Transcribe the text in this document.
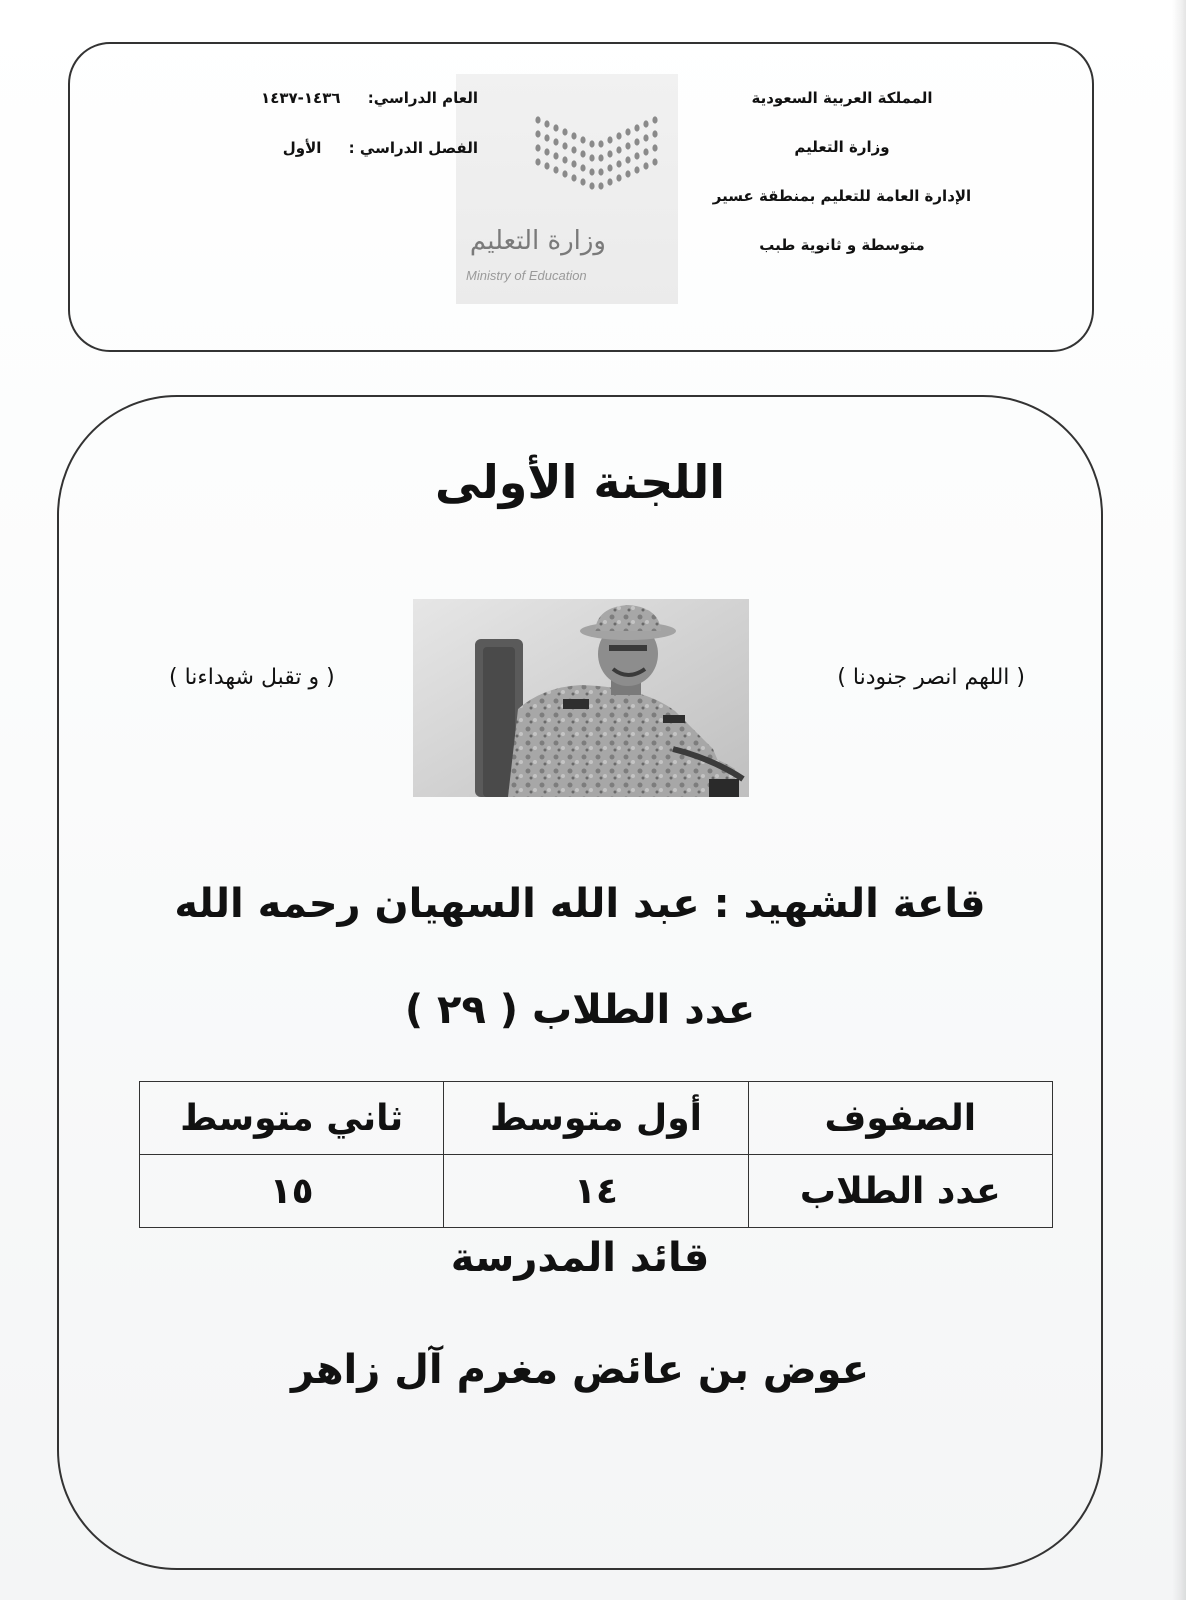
المملكة العربية السعودية
وزارة التعليم
الإدارة العامة للتعليم بمنطقة عسير
متوسطة و ثانوية طبب
وزارة التعليم
Ministry of Education
العام الدراسي: ١٤٣٦-١٤٣٧
الفصل الدراسي : الأول
اللجنة الأولى
( اللهم انصر جنودنا )
( و تقبل شهداءنا )
قاعة الشهيد : عبد الله السهيان رحمه الله
عدد الطلاب ( ٢٩ )
الصفوف	أول متوسط	ثاني متوسط
عدد الطلاب	١٤	١٥
قائد المدرسة
عوض بن عائض مغرم آل زاهر
